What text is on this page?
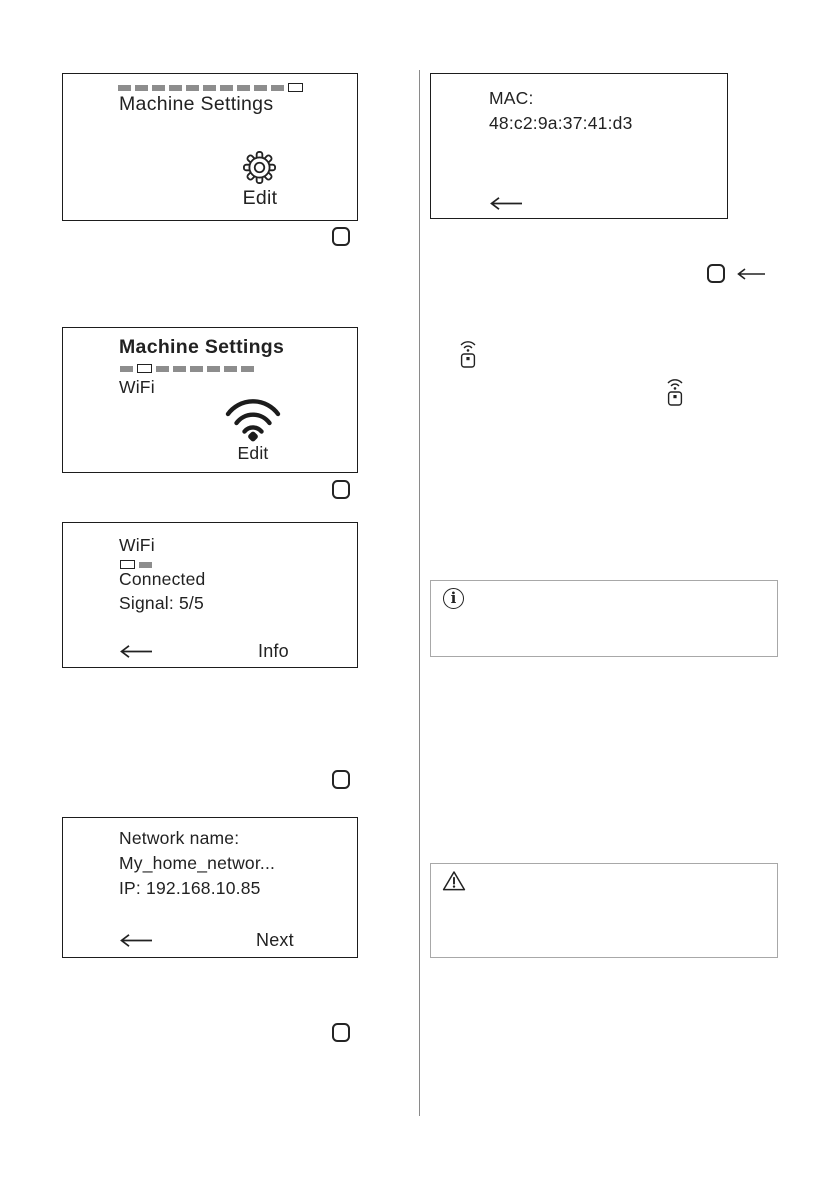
Machine Settings
Edit
Machine Settings
WiFi
Edit
WiFi
Connected
Signal: 5/5
Info
Network name:
My_home_networ...
IP: 192.168.10.85
Next
MAC:
48:c2:9a:37:41:d3
i
